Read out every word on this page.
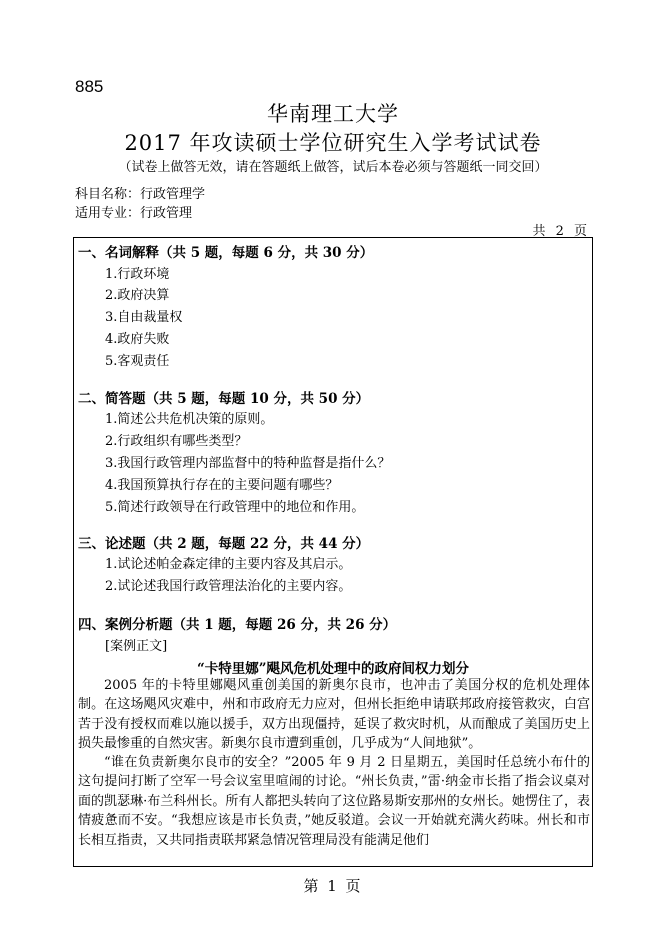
885
华南理工大学
2017 年攻读硕士学位研究生入学考试试卷
（试卷上做答无效，请在答题纸上做答，试后本卷必须与答题纸一同交回）
科目名称：行政管理学
适用专业：行政管理
共 2 页
一、名词解释（共 5 题，每题 6 分，共 30 分）
1.行政环境
2.政府决算
3.自由裁量权
4.政府失败
5.客观责任
二、简答题（共 5 题，每题 10 分，共 50 分）
1.简述公共危机决策的原则。
2.行政组织有哪些类型？
3.我国行政管理内部监督中的特种监督是指什么？
4.我国预算执行存在的主要问题有哪些？
5.简述行政领导在行政管理中的地位和作用。
三、论述题（共 2 题，每题 22 分，共 44 分）
1.试论述帕金森定律的主要内容及其启示。
2.试论述我国行政管理法治化的主要内容。
四、案例分析题（共 1 题，每题 26 分，共 26 分）
[案例正文]
“卡特里娜”飓风危机处理中的政府间权力划分

2005 年的卡特里娜飓风重创美国的新奥尔良市，也冲击了美国分权的危机处理体制。在这场飓风灾难中，州和市政府无力应对，但州长拒绝申请联邦政府接管救灾，白宫苦于没有授权而难以施以援手，双方出现僵持，延误了救灾时机，从而酿成了美国历史上损失最惨重的自然灾害。新奥尔良市遭到重创，几乎成为“人间地狱”。

“谁在负责新奥尔良市的安全？”2005 年 9 月 2 日星期五，美国时任总统小布什的这句提问打断了空军一号会议室里喧闹的讨论。“州长负责，”雷·纳金市长指了指会议桌对面的凯瑟琳·布兰科州长。所有人都把头转向了这位路易斯安那州的女州长。她愣住了，表情疲惫而不安。“我想应该是市长负责，”她反驳道。会议一开始就充满火药味。州长和市长相互指责，又共同指责联邦紧急情况管理局没有能满足他们

第 1 页
